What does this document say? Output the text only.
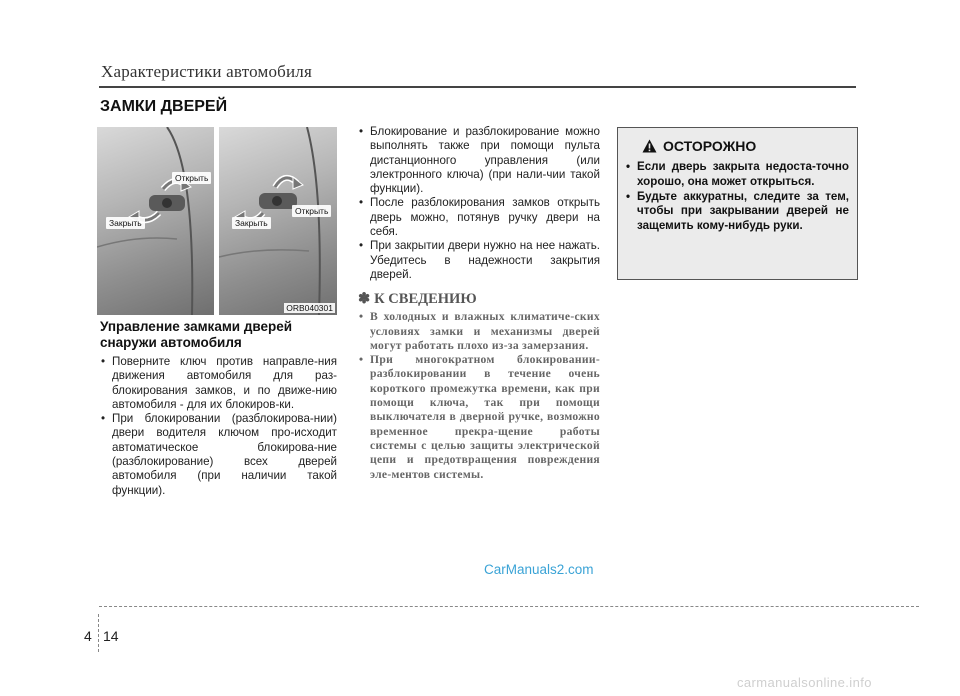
Характеристики автомобиля
ЗАМКИ ДВЕРЕЙ
Открыть
Закрыть
Открыть
Закрыть
ORB040301
Управление замками дверей снаружи автомобиля
• Поверните ключ против направле-ния движения автомобиля для раз-блокирования замков, и по движе-нию автомобиля - для их блокиров-ки.
• При блокировании (разблокирова-нии) двери водителя ключом про-исходит автоматическое блокирова-ние (разблокирование) всех дверей автомобиля (при наличии такой функции).
• Блокирование и разблокирование можно выполнять также при помощи пульта дистанционного управления (или электронного ключа) (при нали-чии такой функции).
• После разблокирования замков открыть дверь можно, потянув ручку двери на себя.
• При закрытии двери нужно на нее нажать. Убедитесь в надежности закрытия дверей.
✽ К СВЕДЕНИЮ
• В холодных и влажных климатиче-ских условиях замки и механизмы дверей могут работать плохо из-за замерзания.
• При многократном блокировании-разблокировании в течение очень короткого промежутка времени, как при помощи ключа, так при помощи выключателя в дверной ручке, возможно временное прекра-щение работы системы с целью защиты электрической цепи и предотвращения повреждения эле-ментов системы.
ОСТОРОЖНО
• Если дверь закрыта недоста-точно хорошо, она может открыться.
• Будьте аккуратны, следите за тем, чтобы при закрывании дверей не защемить кому-нибудь руки.
CarManuals2.com
4 14
carmanualsonline.info
